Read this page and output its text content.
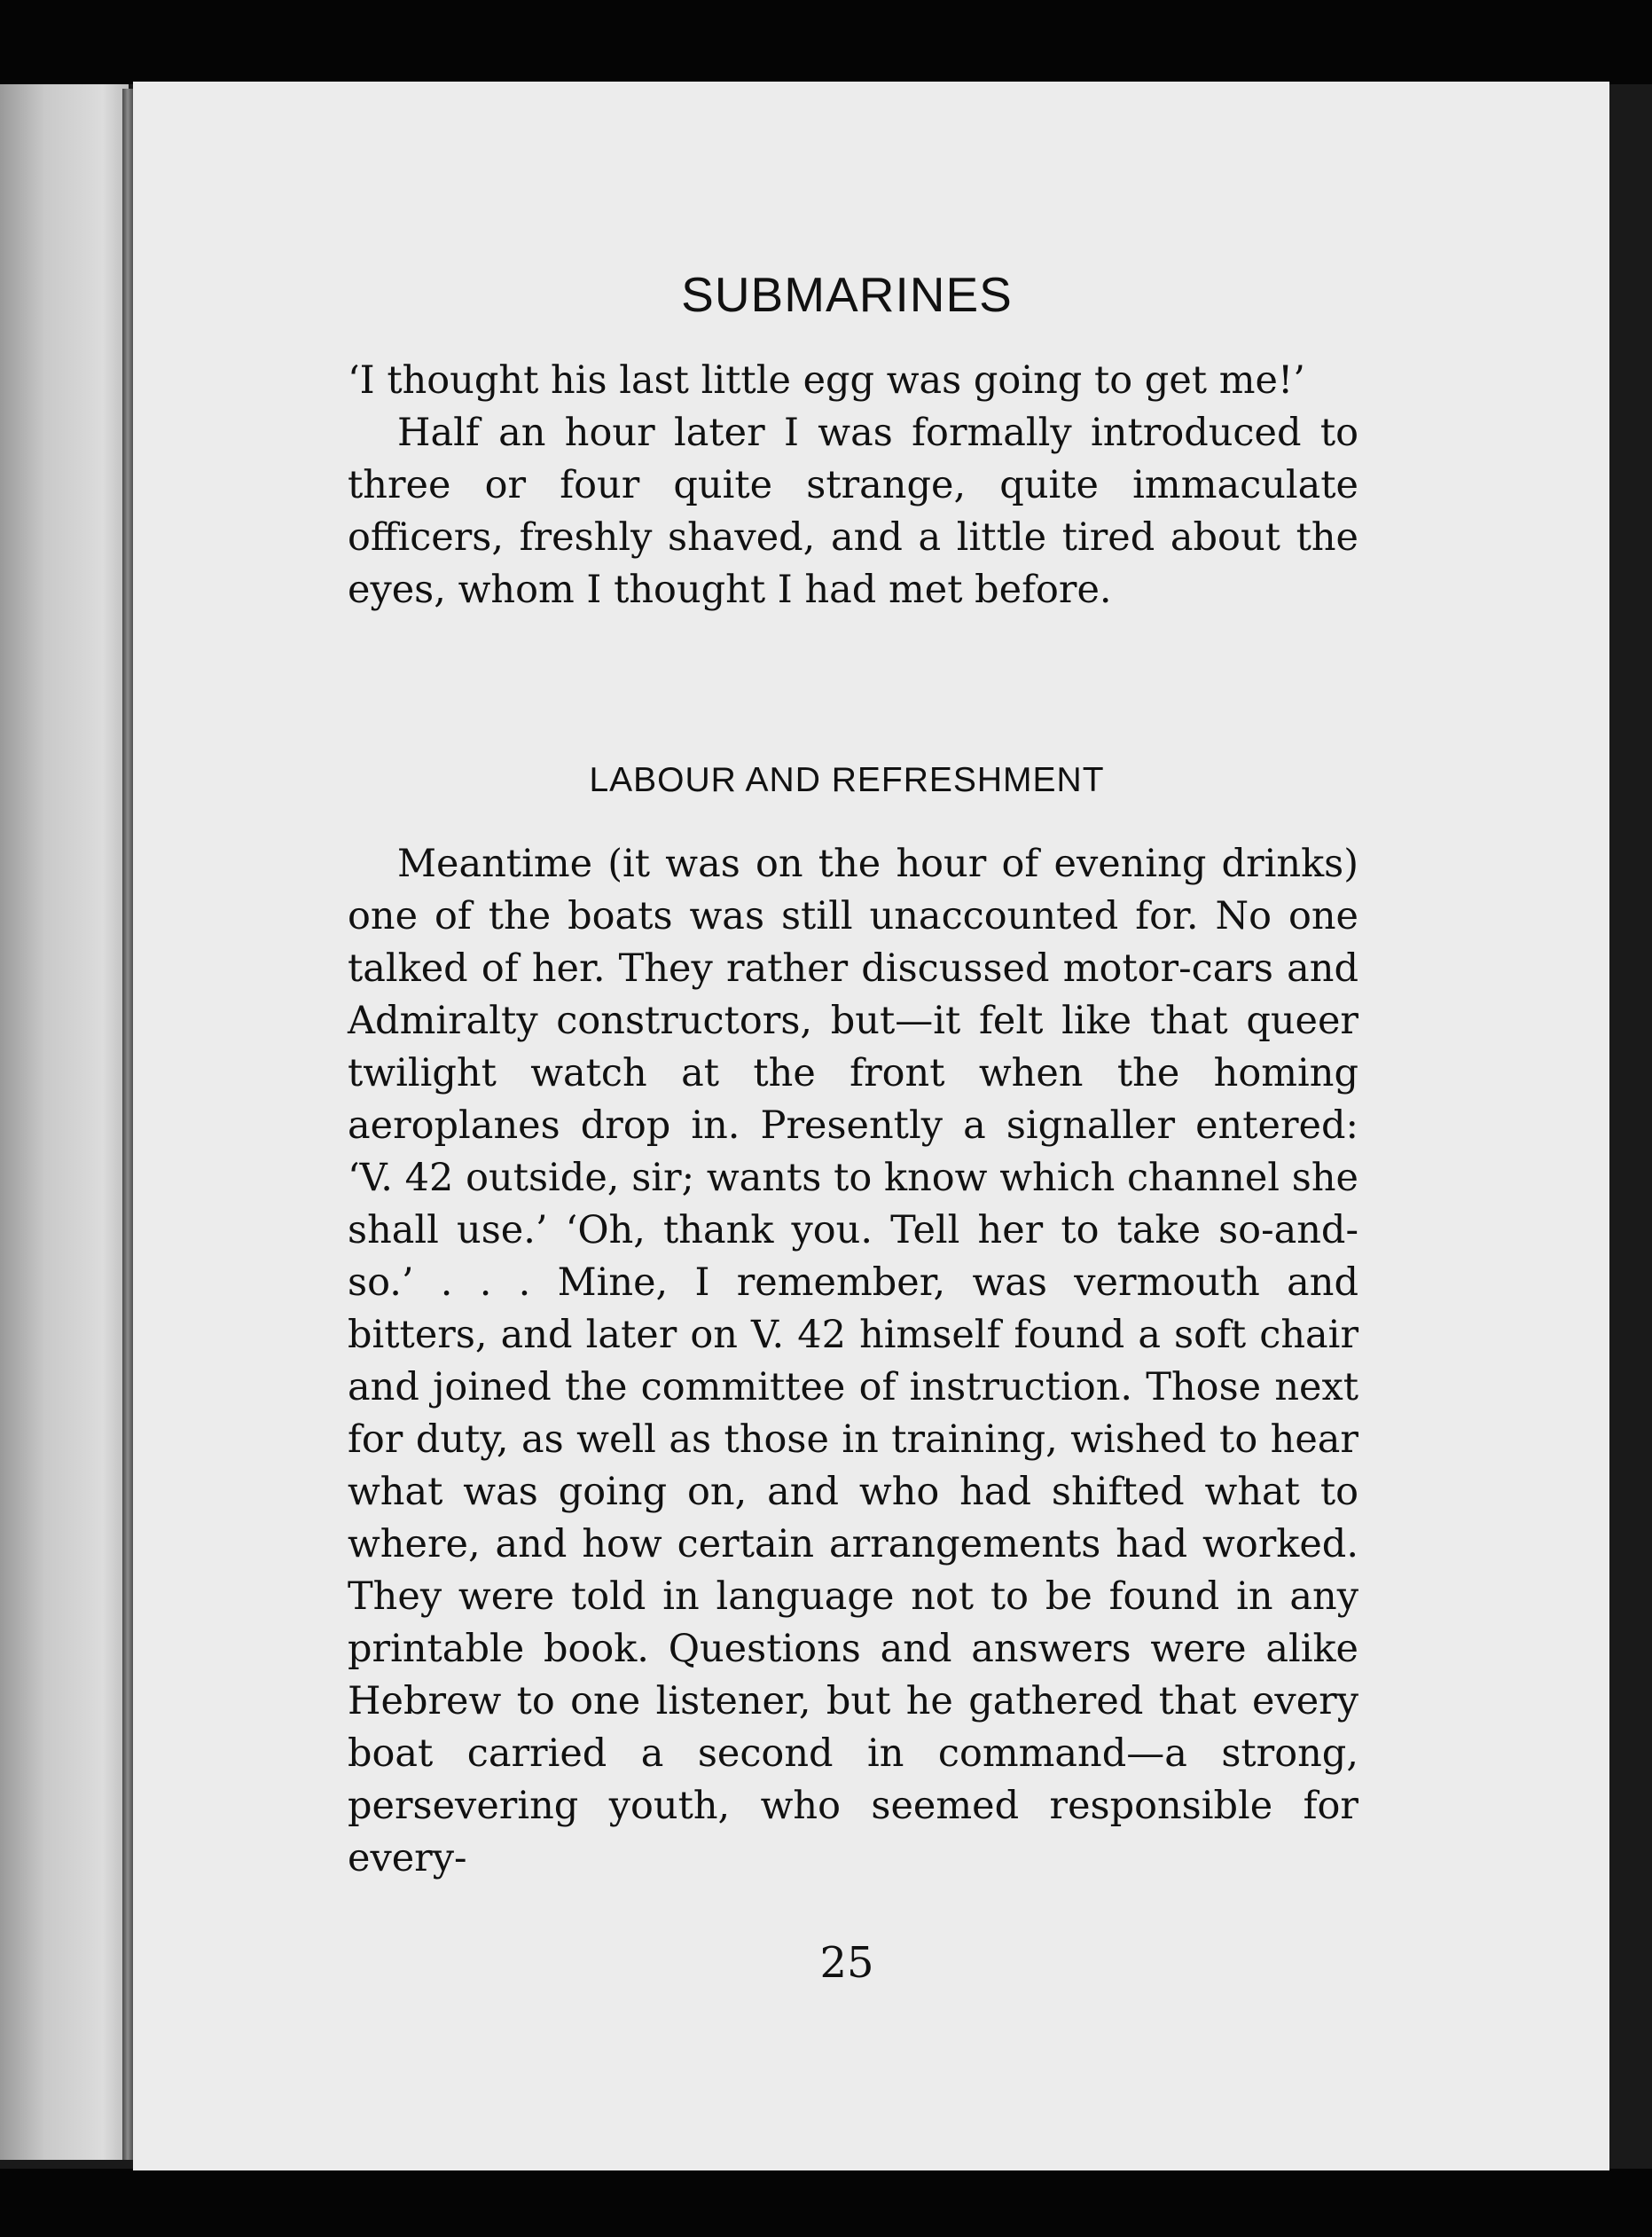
SUBMARINES

‘I thought his last little egg was going to get me!’

Half an hour later I was formally introduced to three or four quite strange, quite immaculate officers, freshly shaved, and a little tired about the eyes, whom I thought I had met before.

LABOUR AND REFRESHMENT

Meantime (it was on the hour of evening drinks) one of the boats was still unaccounted for. No one talked of her. They rather discussed motor-cars and Admiralty constructors, but—it felt like that queer twilight watch at the front when the homing aeroplanes drop in. Presently a signaller entered: ‘V. 42 outside, sir; wants to know which channel she shall use.’ ‘Oh, thank you. Tell her to take so-and-so.’ . . . Mine, I remember, was vermouth and bitters, and later on V. 42 himself found a soft chair and joined the committee of instruction. Those next for duty, as well as those in training, wished to hear what was going on, and who had shifted what to where, and how certain arrangements had worked. They were told in language not to be found in any printable book. Questions and answers were alike Hebrew to one listener, but he gathered that every boat carried a second in command—a strong, persevering youth, who seemed responsible for every-

25
